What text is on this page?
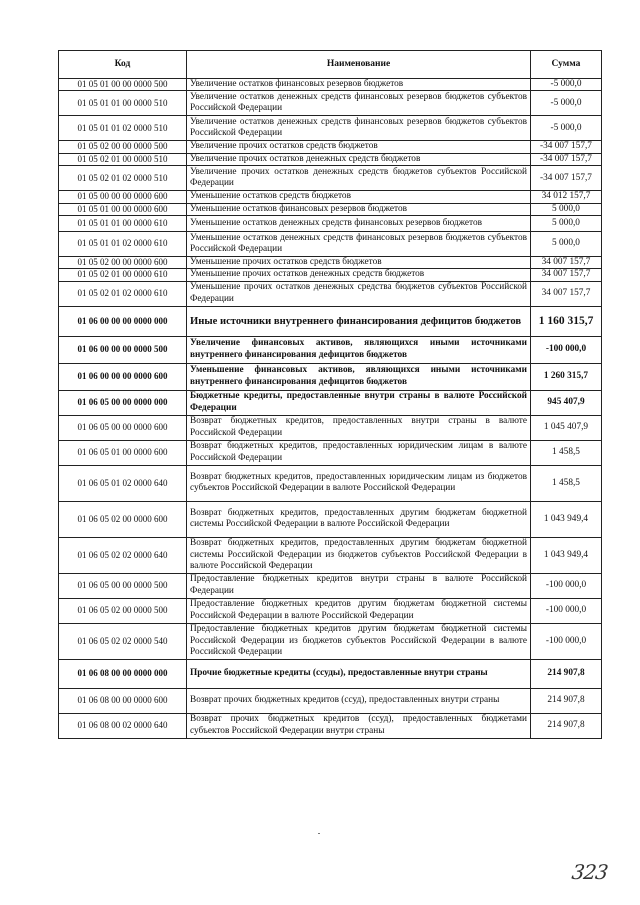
Код	Наименование	Сумма
01 05 01 00 00 0000 500	Увеличение остатков финансовых резервов бюджетов	-5 000,0
01 05 01 01 00 0000 510	Увеличение остатков денежных средств финансовых резервов бюджетов субъектов Российской Федерации	-5 000,0
01 05 01 01 02 0000 510	Увеличение остатков денежных средств финансовых резервов бюджетов субъектов Российской Федерации	-5 000,0
01 05 02 00 00 0000 500	Увеличение прочих остатков средств бюджетов	-34 007 157,7
01 05 02 01 00 0000 510	Увеличение прочих остатков денежных средств бюджетов	-34 007 157,7
01 05 02 01 02 0000 510	Увеличение прочих остатков денежных средств бюджетов субъектов Российской Федерации	-34 007 157,7
01 05 00 00 00 0000 600	Уменьшение остатков средств бюджетов	34 012 157,7
01 05 01 00 00 0000 600	Уменьшение остатков финансовых резервов бюджетов	5 000,0
01 05 01 01 00 0000 610	Уменьшение остатков денежных средств финансовых резервов бюджетов	5 000,0
01 05 01 01 02 0000 610	Уменьшение остатков денежных средств финансовых резервов бюджетов субъектов Российской Федерации	5 000,0
01 05 02 00 00 0000 600	Уменьшение прочих остатков средств бюджетов	34 007 157,7
01 05 02 01 00 0000 610	Уменьшение прочих остатков денежных средств бюджетов	34 007 157,7
01 05 02 01 02 0000 610	Уменьшение прочих остатков денежных средства бюджетов субъектов Российской Федерации	34 007 157,7
01 06 00 00 00 0000 000	Иные источники внутреннего финансирования дефицитов бюджетов	1 160 315,7
01 06 00 00 00 0000 500	Увеличение финансовых активов, являющихся иными источниками внутреннего финансирования дефицитов бюджетов	-100 000,0
01 06 00 00 00 0000 600	Уменьшение финансовых активов, являющихся иными источниками внутреннего финансирования дефицитов бюджетов	1 260 315,7
01 06 05 00 00 0000 000	Бюджетные кредиты, предоставленные внутри страны в валюте Российской Федерации	945 407,9
01 06 05 00 00 0000 600	Возврат бюджетных кредитов, предоставленных внутри страны в валюте Российской Федерации	1 045 407,9
01 06 05 01 00 0000 600	Возврат бюджетных кредитов, предоставленных юридическим лицам в валюте Российской Федерации	1 458,5
01 06 05 01 02 0000 640	Возврат бюджетных кредитов, предоставленных юридическим лицам из бюджетов субъектов Российской Федерации в валюте Российской Федерации	1 458,5
01 06 05 02 00 0000 600	Возврат бюджетных кредитов, предоставленных другим бюджетам бюджетной системы Российской Федерации в валюте Российской Федерации	1 043 949,4
01 06 05 02 02 0000 640	Возврат бюджетных кредитов, предоставленных другим бюджетам бюджетной системы Российской Федерации из бюджетов субъектов Российской Федерации в валюте Российской Федерации	1 043 949,4
01 06 05 00 00 0000 500	Предоставление бюджетных кредитов внутри страны в валюте Российской Федерации	-100 000,0
01 06 05 02 00 0000 500	Предоставление бюджетных кредитов другим бюджетам бюджетной системы Российской Федерации в валюте Российской Федерации	-100 000,0
01 06 05 02 02 0000 540	Предоставление бюджетных кредитов другим бюджетам бюджетной системы Российской Федерации из бюджетов субъектов Российской Федерации в валюте Российской Федерации	-100 000,0
01 06 08 00 00 0000 000	Прочие бюджетные кредиты (ссуды), предоставленные внутри страны	214 907,8
01 06 08 00 00 0000 600	Возврат прочих бюджетных кредитов (ссуд), предоставленных внутри страны	214 907,8
01 06 08 00 02 0000 640	Возврат прочих бюджетных кредитов (ссуд), предоставленных бюджетами субъектов Российской Федерации внутри страны	214 907,8
323
